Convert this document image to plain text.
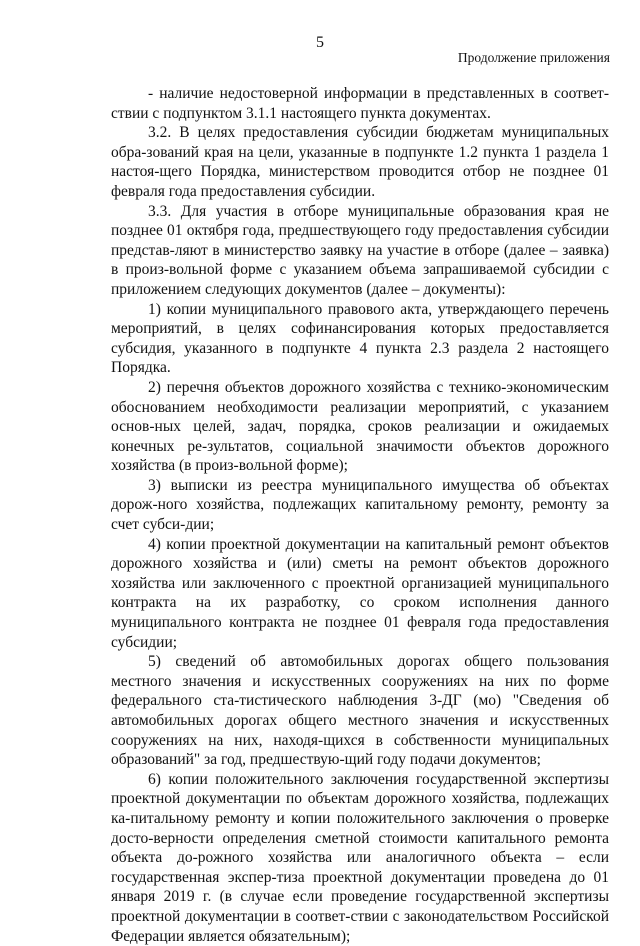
5
Продолжение приложения

- наличие недостоверной информации в представленных в соответ-ствии с подпунктом 3.1.1 настоящего пункта документах.

3.2. В целях предоставления субсидии бюджетам муниципальных обра-зований края на цели, указанные в подпункте 1.2 пункта 1 раздела 1 настоя-щего Порядка, министерством проводится отбор не позднее 01 февраля года предоставления субсидии.

3.3. Для участия в отборе муниципальные образования края не позднее 01 октября года, предшествующего году предоставления субсидии представ-ляют в министерство заявку на участие в отборе (далее – заявка) в произ-вольной форме с указанием объема запрашиваемой субсидии с приложением следующих документов (далее – документы):

1) копии муниципального правового акта, утверждающего перечень мероприятий, в целях софинансирования которых предоставляется субсидия, указанного в подпункте 4 пункта 2.3 раздела 2 настоящего Порядка.

2) перечня объектов дорожного хозяйства с технико-экономическим обоснованием необходимости реализации мероприятий, с указанием основ-ных целей, задач, порядка, сроков реализации и ожидаемых конечных ре-зультатов, социальной значимости объектов дорожного хозяйства (в произ-вольной форме);

3) выписки из реестра муниципального имущества об объектах дорож-ного хозяйства, подлежащих капитальному ремонту, ремонту за счет субси-дии;

4) копии проектной документации на капитальный ремонт объектов дорожного хозяйства и (или) сметы на ремонт объектов дорожного хозяйства или заключенного с проектной организацией муниципального контракта на их разработку, со сроком исполнения данного муниципального контракта не позднее 01 февраля года предоставления субсидии;

5) сведений об автомобильных дорогах общего пользования местного значения и искусственных сооружениях на них по форме федерального ста-тистического наблюдения 3-ДГ (мо) "Сведения об автомобильных дорогах общего местного значения и искусственных сооружениях на них, находя-щихся в собственности муниципальных образований" за год, предшествую-щий году подачи документов;

6) копии положительного заключения государственной экспертизы проектной документации по объектам дорожного хозяйства, подлежащих ка-питальному ремонту и копии положительного заключения о проверке досто-верности определения сметной стоимости капитального ремонта объекта до-рожного хозяйства или аналогичного объекта – если государственная экспер-тиза проектной документации проведена до 01 января 2019 г. (в случае если проведение государственной экспертизы проектной документации в соответ-ствии с законодательством Российской Федерации является обязательным);
